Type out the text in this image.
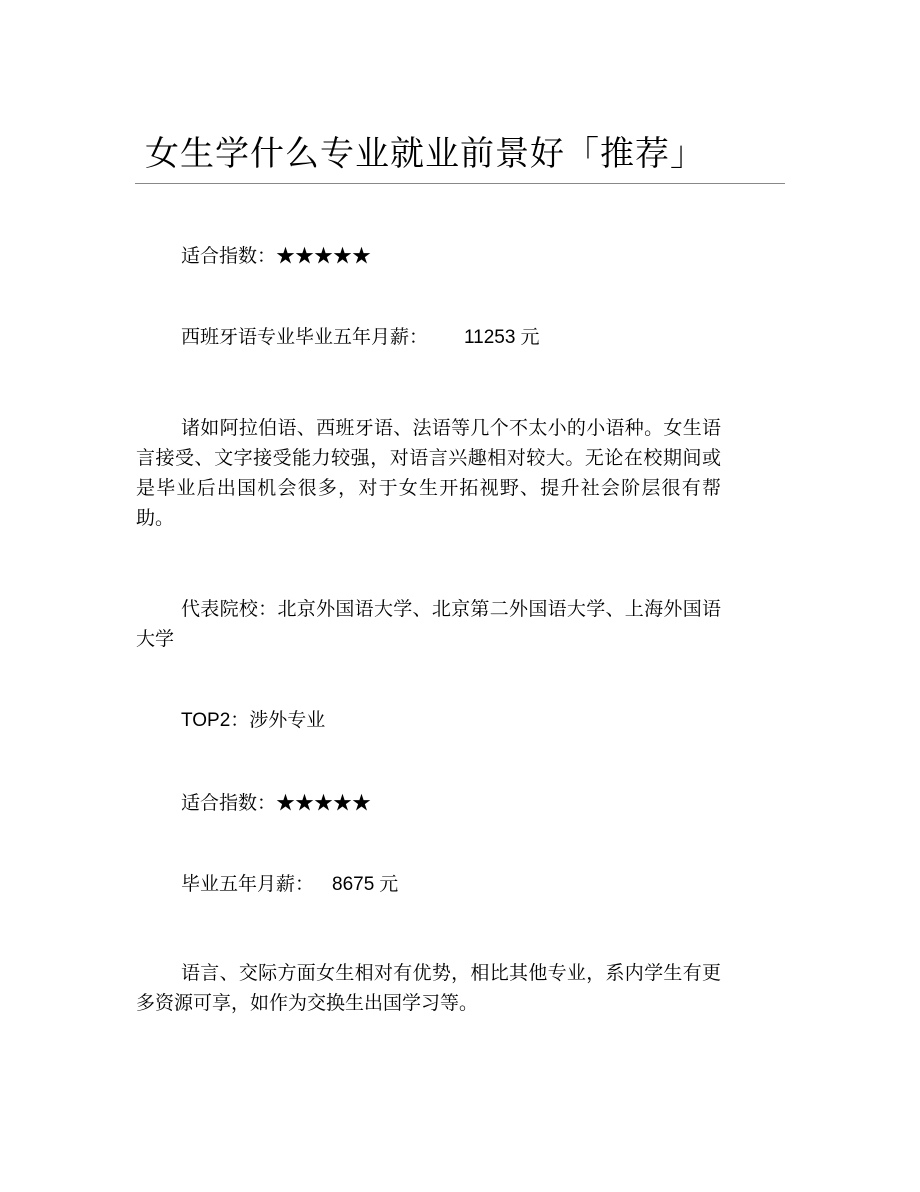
女生学什么专业就业前景好「推荐」
适合指数：★★★★★
西班牙语专业毕业五年月薪： 11253 元

诸如阿拉伯语、西班牙语、法语等几个不太小的小语种。女生语言接受、文字接受能力较强，对语言兴趣相对较大。无论在校期间或是毕业后出国机会很多，对于女生开拓视野、提升社会阶层很有帮助。

代表院校：北京外国语大学、北京第二外国语大学、上海外国语大学

TOP2：涉外专业
适合指数：★★★★★
毕业五年月薪： 8675 元

语言、交际方面女生相对有优势，相比其他专业，系内学生有更多资源可享，如作为交换生出国学习等。
